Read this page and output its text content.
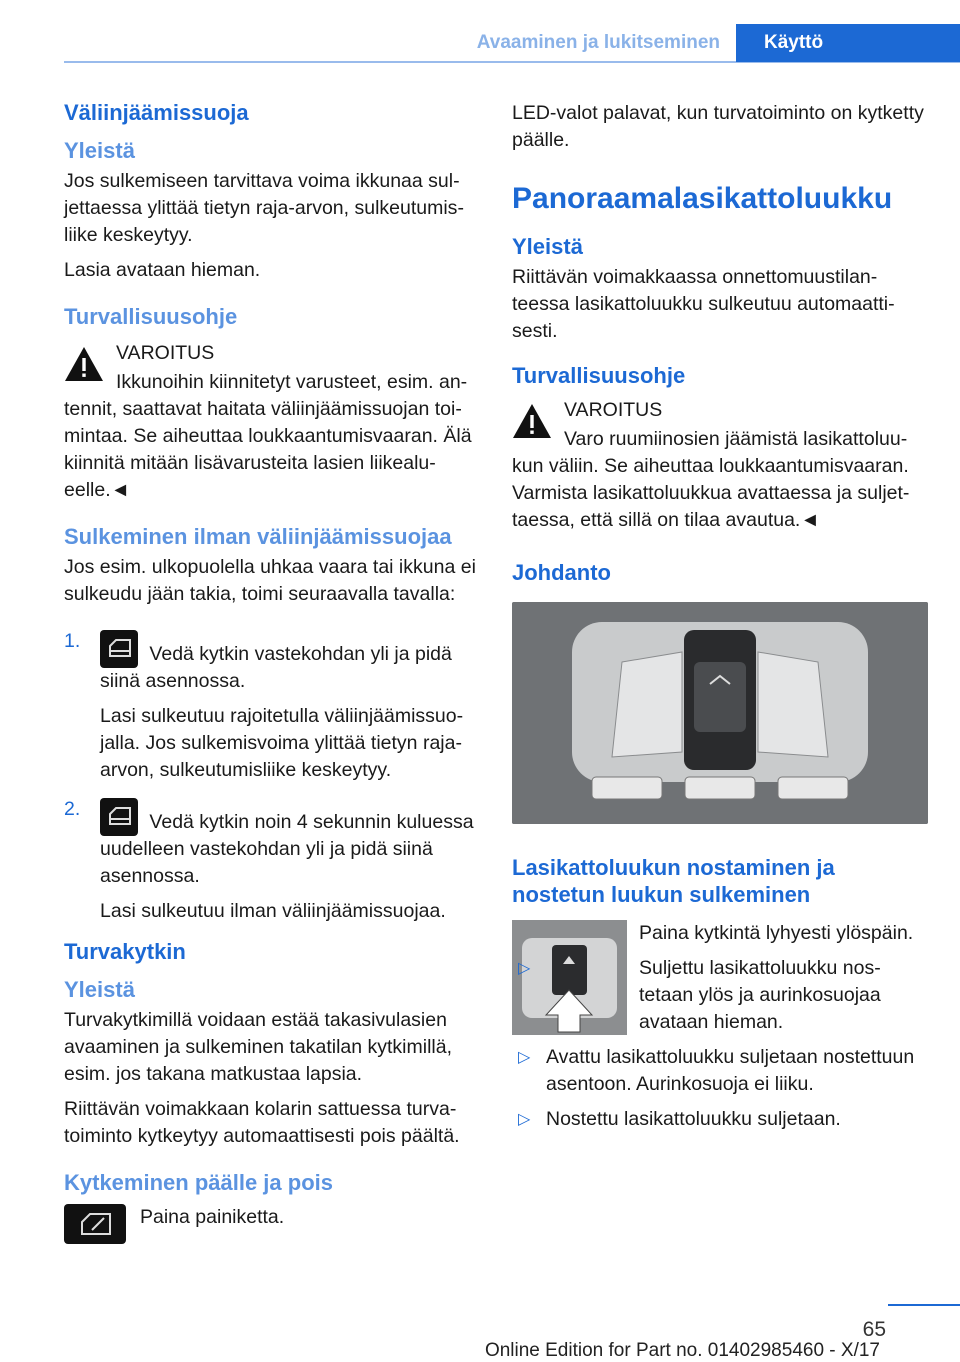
Avaaminen ja lukitseminen	Käyttö
Väliinjäämissuoja
Yleistä
Jos sulkemiseen tarvittava voima ikkunaa suljettaessa ylittää tietyn raja-arvon, sulkeutumisliike keskeytyy.
Lasia avataan hieman.
Turvallisuusohje
VAROITUS
Ikkunoihin kiinnitetyt varusteet, esim. antennit, saattavat haitata väliinjäämissuojan toimintaa. Se aiheuttaa loukkaantumisvaaran. Älä kiinnitä mitään lisävarusteita lasien liikealueelle.◄
Sulkeminen ilman väliinjäämissuojaa
Jos esim. ulkopuolella uhkaa vaara tai ikkuna ei sulkeudu jään takia, toimi seuraavalla tavalla:
1.
Vedä kytkin vastekohdan yli ja pidä siinä asennossa.
Lasi sulkeutuu rajoitetulla väliinjäämissuojalla. Jos sulkemisvoima ylittää tietyn raja-arvon, sulkeutumisliike keskeytyy.
2.
Vedä kytkin noin 4 sekunnin kuluessa uudelleen vastekohdan yli ja pidä siinä asennossa.
Lasi sulkeutuu ilman väliinjäämissuojaa.
Turvakytkin
Yleistä
Turvakytkimillä voidaan estää takasivulasien avaaminen ja sulkeminen takatilan kytkimillä, esim. jos takana matkustaa lapsia.
Riittävän voimakkaan kolarin sattuessa turvatoiminto kytkeytyy automaattisesti pois päältä.
Kytkeminen päälle ja pois
Paina painiketta.
LED-valot palavat, kun turvatoiminto on kytketty päälle.
Panoraamalasikattoluukku
Yleistä
Riittävän voimakkaassa onnettomuustilanteessa lasikattoluukku sulkeutuu automaattisesti.
Turvallisuusohje
VAROITUS
Varo ruumiinosien jäämistä lasikattoluukun väliin. Se aiheuttaa loukkaantumisvaaran. Varmista lasikattoluukkua avattaessa ja suljettaessa, että sillä on tilaa avautua.◄
Johdanto
Lasikattoluukun nostaminen ja nostetun luukun sulkeminen
Paina kytkintä lyhyesti ylöspäin.
▷	Suljettu lasikattoluukku nostetaan ylös ja aurinkosuojaa avataan hieman.
▷ Avattu lasikattoluukku suljetaan nostettuun asentoon. Aurinkosuoja ei liiku.
▷ Nostettu lasikattoluukku suljetaan.
65
Online Edition for Part no. 01402985460 - X/17
